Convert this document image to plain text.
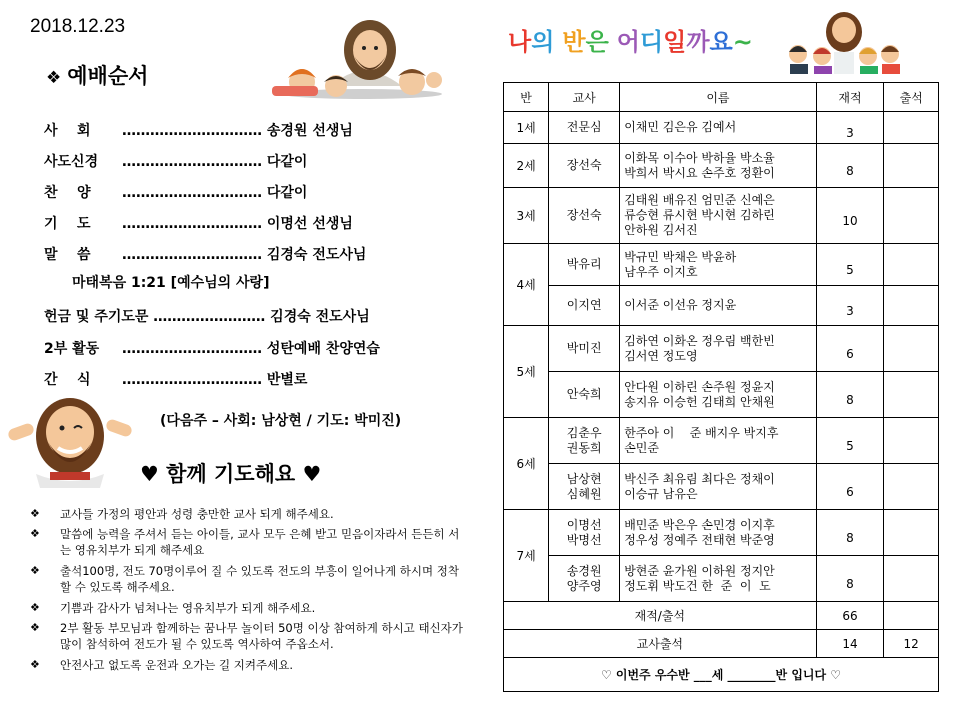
2018.12.23
❖ 예배순서
사    회 ………………………… 송경원 선생님
사도신경 ………………………… 다같이
찬    양 ………………………… 다같이
기    도 ………………………… 이명선 선생님
말    씀 ………………………… 김경숙 전도사님
마태복음 1:21 [예수님의 사랑]
헌금 및 주기도문 …………………… 김경숙 전도사님
2부 활동 ………………………… 성탄예배 찬양연습
간    식 ………………………… 반별로
(다음주 – 사회: 남상현 / 기도: 박미진)
♥ 함께 기도해요 ♥
❖ 교사들 가정의 평안과 성령 충만한 교사 되게 해주세요.
❖ 말씀에 능력을 주셔서 듣는 아이들, 교사 모두 은혜 받고 믿음이자라서 든든히 서는 영유치부가 되게 해주세요
❖ 출석100명, 전도 70명이루어 질 수 있도록 전도의 부흥이 일어나게 하시며 정착할 수 있도록 해주세요.
❖ 기쁨과 감사가 넘쳐나는 영유치부가 되게 해주세요.
❖ 2부 활동 부모님과 함께하는 꿈나무 놀이터 50명 이상 참여하게 하시고 태신자가 많이 참석하여 전도가 될 수 있도록 역사하여 주옵소서.
❖ 안전사고 없도록 운전과 오가는 길 지켜주세요.
나의 반은 어디일까요~
반	교사	이름	재적	출석
1세	전문심	이채민 김은유 김예서	3	
2세	장선숙	이화목 이수아 박하율 박소율
박희서 박시요 손주호 정환이	8	
3세	장선숙	김태원 배유진 엄민준 신예은
류승현 류시현 박시현 김하린
안하원 김서진	10	
4세	박유리	박규민 박채은 박윤하
남우주 이지호	5	

	이지연	이서준 이선유 정지윤	3	
5세	박미진	김하연 이화온 정우림 백한빈
김서연 정도영	6	

	안숙희	안다원 이하린 손주원 정윤지
송지유 이승헌 김태희 안채원	8	
6세	김춘우
권동희	한주아 이    준 배지우 박지후
손민준	5	

	남상현
심혜원	박신주 최유림 최다은 정채이
이승규 남유은	6	
7세	이명선
박명선	배민준 박은우 손민경 이지후
정우성 정예주 전태현 박준영	8	

	송경원
양주영	방현준 윤가원 이하원 정지안
정도휘 박도건 한  준  이  도	8	
재적/출석			66	
교사출석			14	12
♡ 이번주 우수반 ___세 ________반 입니다 ♡				
